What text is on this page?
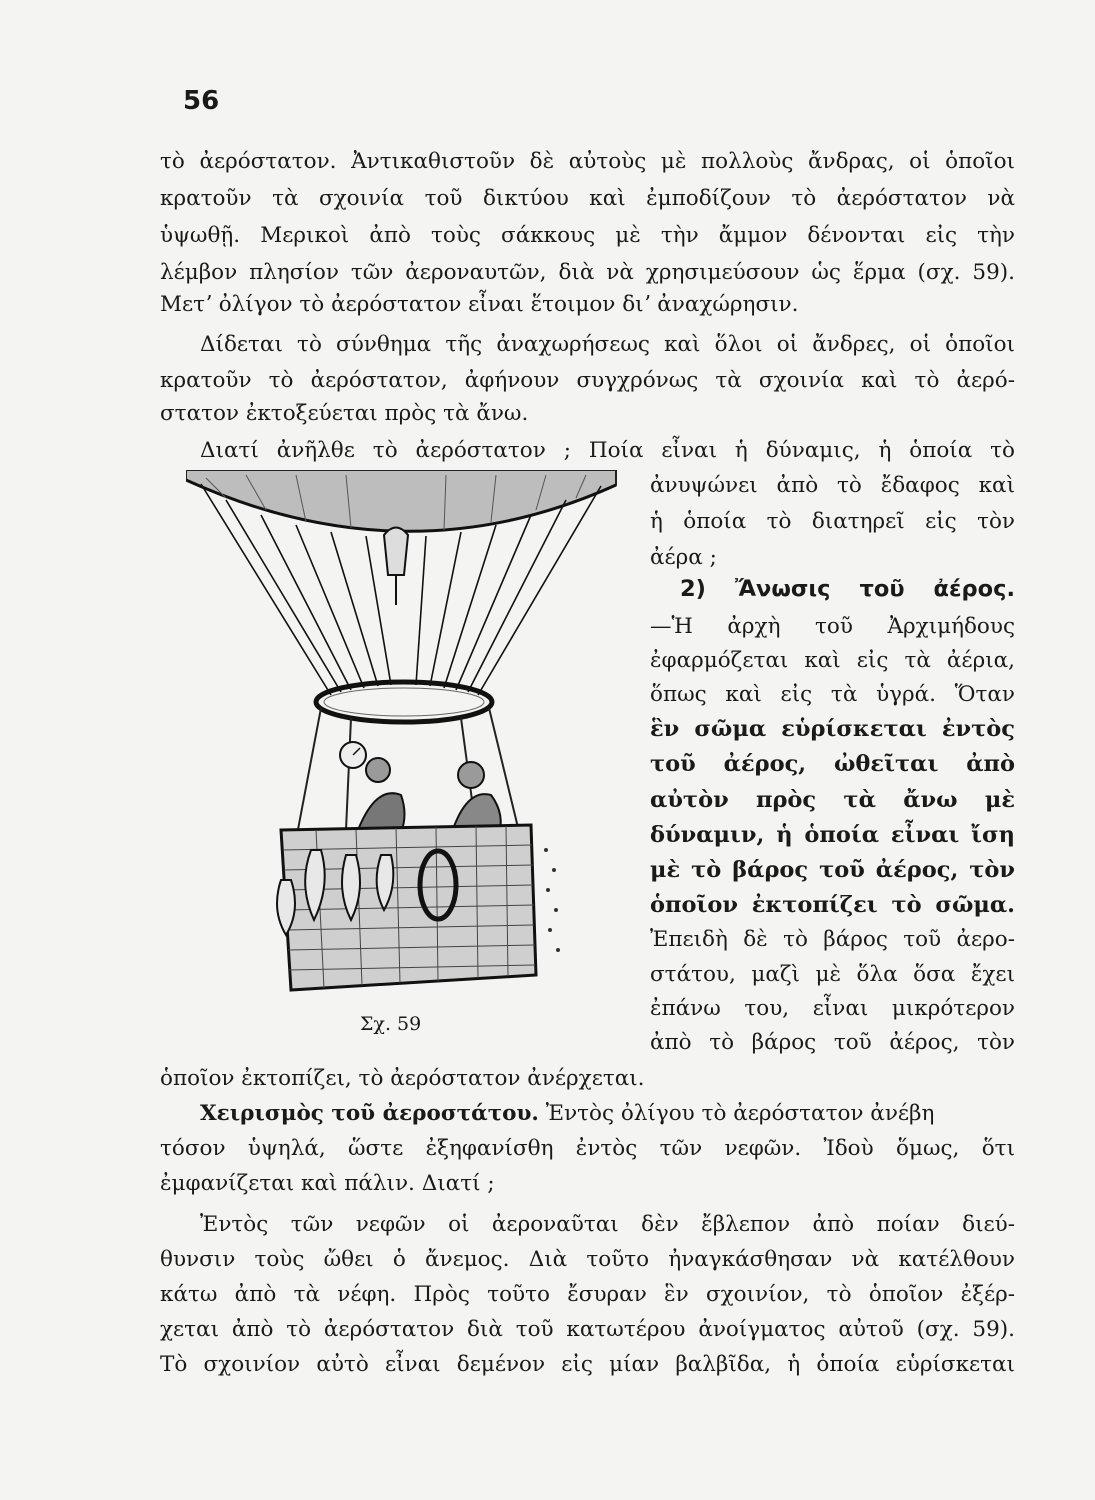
56
τὸ ἀερόστατον. Ἀντικαθιστοῦν δὲ αὐτοὺς μὲ πολλοὺς ἄνδρας, οἱ ὁποῖοι
κρατοῦν τὰ σχοινία τοῦ δικτύου καὶ ἐμποδίζουν τὸ ἀερόστατον νὰ
ὑψωθῇ. Μερικοὶ ἀπὸ τοὺς σάκκους μὲ τὴν ἄμμον δένονται εἰς τὴν
λέμβον πλησίον τῶν ἀεροναυτῶν, διὰ νὰ χρησιμεύσουν ὡς ἕρμα (σχ. 59).
Μετʼ ὀλίγον τὸ ἀερόστατον εἶναι ἕτοιμον διʼ ἀναχώρησιν.
Δίδεται τὸ σύνθημα τῆς ἀναχωρήσεως καὶ ὅλοι οἱ ἄνδρες, οἱ ὁποῖοι
κρατοῦν τὸ ἀερόστατον, ἀφήνουν συγχρόνως τὰ σχοινία καὶ τὸ ἀερό-
στατον ἐκτοξεύεται πρὸς τὰ ἄνω.
Διατί ἀνῆλθε τὸ ἀερόστατον ; Ποία εἶναι ἡ δύναμις, ἡ ὁποία τὸ
ἀνυψώνει ἀπὸ τὸ ἔδαφος καὶ
ἡ ὁποία τὸ διατηρεῖ εἰς τὸν
ἀέρα ;
2) Ἄνωσις τοῦ ἀέρος.
—Ἡ ἀρχὴ τοῦ Ἀρχιμήδους
ἐφαρμόζεται καὶ εἰς τὰ ἀέρια,
ὅπως καὶ εἰς τὰ ὑγρά. Ὅταν
ἓν σῶμα εὑρίσκεται ἐντὸς
τοῦ ἀέρος, ὠθεῖται ἀπὸ
αὐτὸν πρὸς τὰ ἄνω μὲ
δύναμιν, ἡ ὁποία εἶναι ἴση
μὲ τὸ βάρος τοῦ ἀέρος, τὸν
ὁποῖον ἐκτοπίζει τὸ σῶμα.
Ἐπειδὴ δὲ τὸ βάρος τοῦ ἀερο-
στάτου, μαζὶ μὲ ὅλα ὅσα ἔχει
ἐπάνω του, εἶναι μικρότερον
ἀπὸ τὸ βάρος τοῦ ἀέρος, τὸν
ὁποῖον ἐκτοπίζει, τὸ ἀερόστατον ἀνέρχεται.
Χειρισμὸς τοῦ ἀεροστάτου. Ἐντὸς ὀλίγου τὸ ἀερόστατον ἀνέβη
τόσον ὑψηλά, ὥστε ἐξηφανίσθη ἐντὸς τῶν νεφῶν. Ἰδοὺ ὅμως, ὅτι
ἐμφανίζεται καὶ πάλιν. Διατί ;
Ἐντὸς τῶν νεφῶν οἱ ἀεροναῦται δὲν ἔβλεπον ἀπὸ ποίαν διεύ-
θυνσιν τοὺς ὤθει ὁ ἄνεμος. Διὰ τοῦτο ἠναγκάσθησαν νὰ κατέλθουν
κάτω ἀπὸ τὰ νέφη. Πρὸς τοῦτο ἔσυραν ἓν σχοινίον, τὸ ὁποῖον ἐξέρ-
χεται ἀπὸ τὸ ἀερόστατον διὰ τοῦ κατωτέρου ἀνοίγματος αὐτοῦ (σχ. 59).
Τὸ σχοινίον αὐτὸ εἶναι δεμένον εἰς μίαν βαλβῖδα, ἡ ὁποία εὑρίσκεται
Σχ. 59
